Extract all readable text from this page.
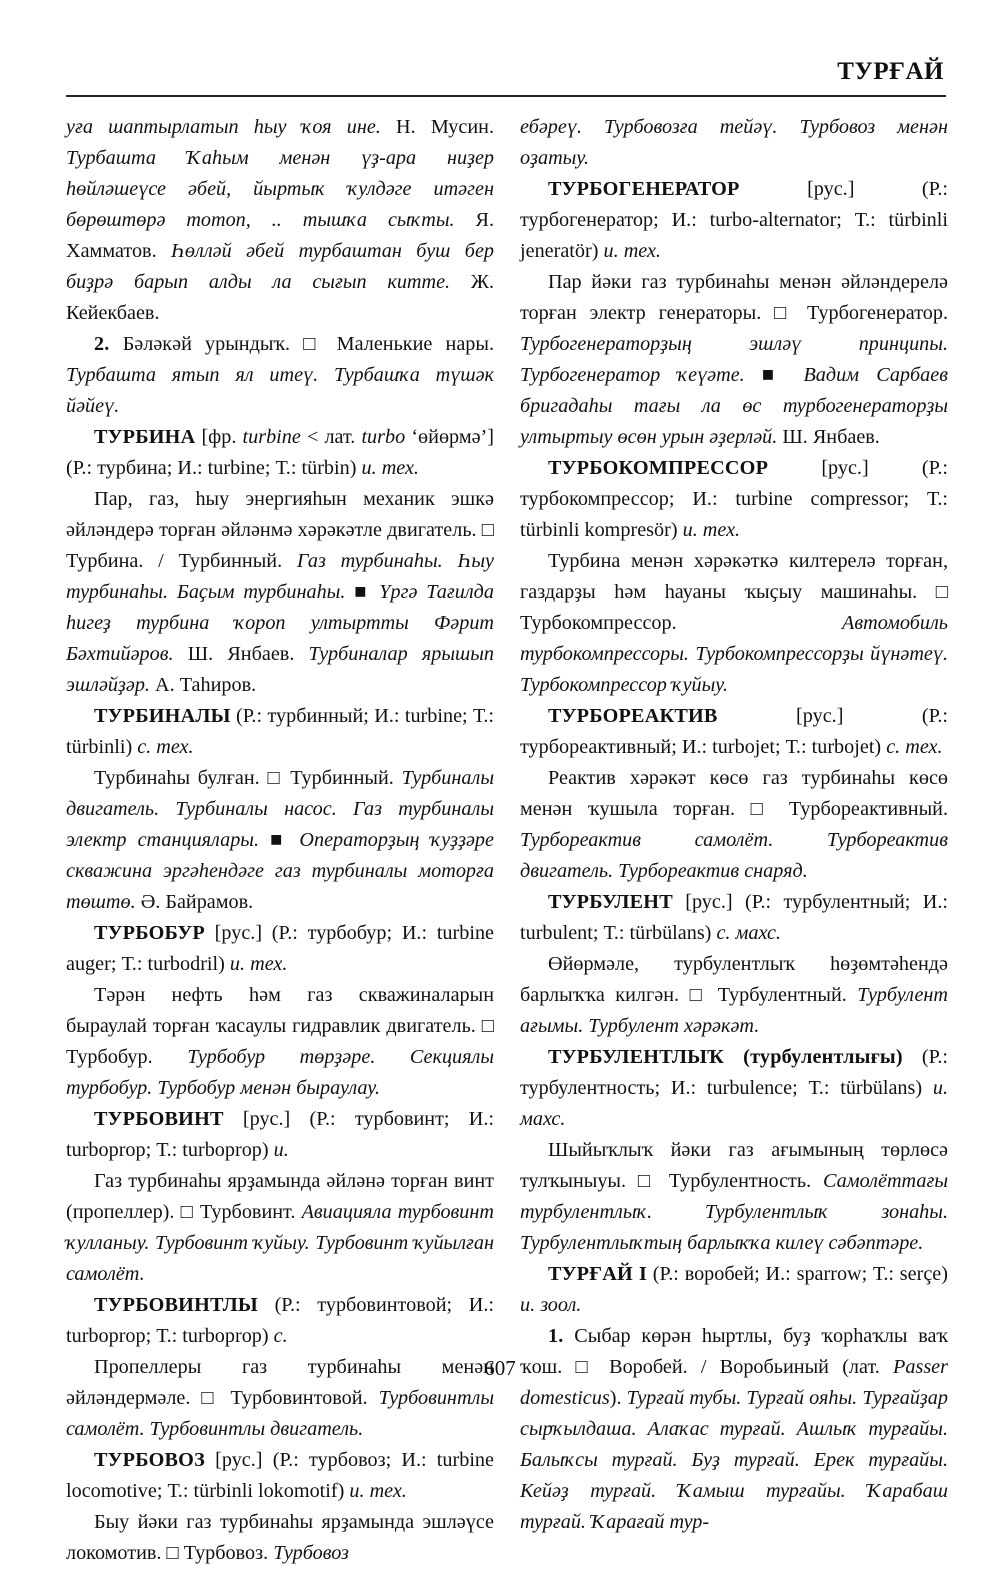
ТУРҒАЙ

уға шаптырлатып һыу ҡоя ине. Н. Мусин. Турбашта Ҡаһым менән үҙ-ара ниҙер һөйләшеүсе әбей, йыртыҡ ҡулдәге итәген бөрөштөрә тотоп, .. тышҡа сыҡты. Я. Хамматов. Һөлләй әбей турбаштан буш бер биҙрә барып алды ла сығып китте. Ж. Кейекбаев.

2. Бәләкәй урындыҡ. □ Маленькие нары. Турбашта ятып ял итеү. Турбашҡа түшәк йәйеү.

ТУРБИНА [фр. turbine < лат. turbo ‘өйөрмә’] (Р.: турбина; И.: turbine; Т.: türbin) и. тех.

Пар, газ, һыу энергияһын механик эшкә әйләндерә торған әйләнмә хәрәкәтле двигатель. □ Турбина. / Турбинный. Газ турбинаһы. Һыу турбинаһы. Баҫым турбинаһы. ■ Үргә Тағилда һигеҙ турбина ҡороп ултыртты Фәрит Бәхтийәров. Ш. Янбаев. Турбиналар ярышып эшләйҙәр. А. Таһиров.

ТУРБИНАЛЫ (Р.: турбинный; И.: turbine; Т.: türbinli) с. тех.

Турбинаһы булған. □ Турбинный. Турбиналы двигатель. Турбиналы насос. Газ турбиналы электр станциялары. ■ Операторҙың ҡуҙҙәре скважина эргәһендәге газ турбиналы моторға төштө. Ә. Байрамов.

ТУРБОБУР [рус.] (Р.: турбобур; И.: turbine auger; Т.: turbodril) и. тех.

Тәрән нефть һәм газ скважиналарын быраулай торған ҡасаулы гидравлик двигатель. □ Турбобур. Турбобур төрҙәре. Секциялы турбобур. Турбобур менән быраулау.

ТУРБОВИНТ [рус.] (Р.: турбовинт; И.: turboprop; Т.: turboprop) и.

Газ турбинаһы ярҙамында әйләнә торған винт (пропеллер). □ Турбовинт. Авиацияла турбовинт ҡулланыу. Турбовинт ҡуйыу. Турбовинт ҡуйылған самолёт.

ТУРБОВИНТЛЫ (Р.: турбовинтовой; И.: turboprop; Т.: turboprop) с.

Пропеллеры газ турбинаһы менән әйләндермәле. □ Турбовинтовой. Турбовинтлы самолёт. Турбовинтлы двигатель.

ТУРБОВОЗ [рус.] (Р.: турбовоз; И.: turbine locomotive; Т.: türbinli lokomotif) и. тех.

Быу йәки газ турбинаһы ярҙамында эшләүсе локомотив. □ Турбовоз. Турбовоз

ебәреү. Турбовозға тейәү. Турбовоз менән оҙатыу.

ТУРБОГЕНЕРАТОР [рус.] (Р.: турбогенератор; И.: turbo-alternator; Т.: türbinli jeneratör) и. тех.

Пар йәки газ турбинаһы менән әйләндерелә торған электр генераторы. □ Турбогенератор. Турбогенераторҙың эшләү принципы. Турбогенератор ҡеүәте. ■ Вадим Сарбаев бригадаһы тағы ла өс турбогенераторҙы ултыртыу өсөн урын әҙерләй. Ш. Янбаев.

ТУРБОКОМПРЕССОР [рус.] (Р.: турбокомпрессор; И.: turbine compressor; Т.: türbinli kompresör) и. тех.

Турбина менән хәрәкәткә килтерелә торған, газдарҙы һәм һауаны ҡыҫыу машинаһы. □ Турбокомпрессор. Автомобиль турбокомпрессоры. Турбокомпрессорҙы йүнәтеү. Турбокомпрессор ҡуйыу.

ТУРБОРЕАКТИВ [рус.] (Р.: турбореактивный; И.: turbojet; Т.: turbojet) с. тех.

Реактив хәрәкәт көсө газ турбинаһы көсө менән ҡушыла торған. □ Турбореактивный. Турбореактив самолёт. Турбореактив двигатель. Турбореактив снаряд.

ТУРБУЛЕНТ [рус.] (Р.: турбулентный; И.: turbulent; Т.: türbülans) с. махс.

Өйөрмәле, турбулентлыҡ һөҙөмтәһендә барлыҡҡа килгән. □ Турбулентный. Турбулент ағымы. Турбулент хәрәкәт.

ТУРБУЛЕНТЛЫҠ (турбулентлығы) (Р.: турбулентность; И.: turbulence; Т.: türbülans) и. махс.

Шыйыҡлыҡ йәки газ ағымының төрлөсә тулҡыныуы. □ Турбулентность. Самолёттағы турбулентлыҡ. Турбулентлыҡ зонаһы. Турбулентлыҡтың барлыҡҡа килеү сәбәптәре.

ТУРҒАЙ I (Р.: воробей; И.: sparrow; Т.: serçe) и. зоол.

1. Сыбар көрән һыртлы, буҙ ҡорһаҡлы ваҡ ҡош. □ Воробей. / Воробьиный (лат. Passer domesticus). Турғай тубы. Турғай ояһы. Турғайҙар сырҡылдаша. Алаҡас турғай. Ашлыҡ турғайы. Балыҡсы турғай. Буҙ турғай. Ерек турғайы. Кейәҙ турғай. Ҡамыш турғайы. Ҡарабаш турғай. Ҡарағай тур-

607
